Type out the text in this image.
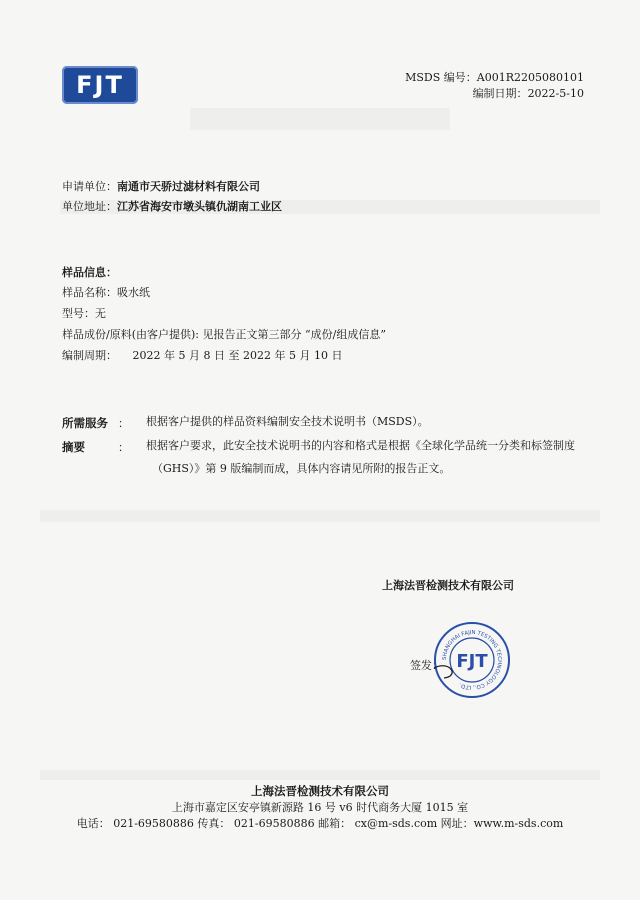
FJT	MSDS 编号：A001R2205080101
编制日期：2022-5-10
申请单位：南通市天骄过滤材料有限公司
单位地址：江苏省海安市墩头镇仇湖南工业区
样品信息：
样品名称：吸水纸
型号：无
样品成份/原料(由客户提供): 见报告正文第三部分 “成份/组成信息”
编制周期： 2022 年 5 月 8 日 至 2022 年 5 月 10 日
所需服务 ： 根据客户提供的样品资料编制安全技术说明书（MSDS）。
摘要	： 根据客户要求，此安全技术说明书的内容和格式是根据《全球化学品统一分类和标签制度
（GHS）》第 9 版编制而成，具体内容请见所附的报告正文。
上海法晋检测技术有限公司
签发：
SHANGHAI FAJIN TESTING TECHNOLOGY CO., LTD.
FJT
上海法晋检测技术有限公司
上海市嘉定区安亭镇新源路 16 号 v6 时代商务大厦 1015 室
电话： 021-69580886 传真： 021-69580886 邮箱： cx@m-sds.com 网址：www.m-sds.com
